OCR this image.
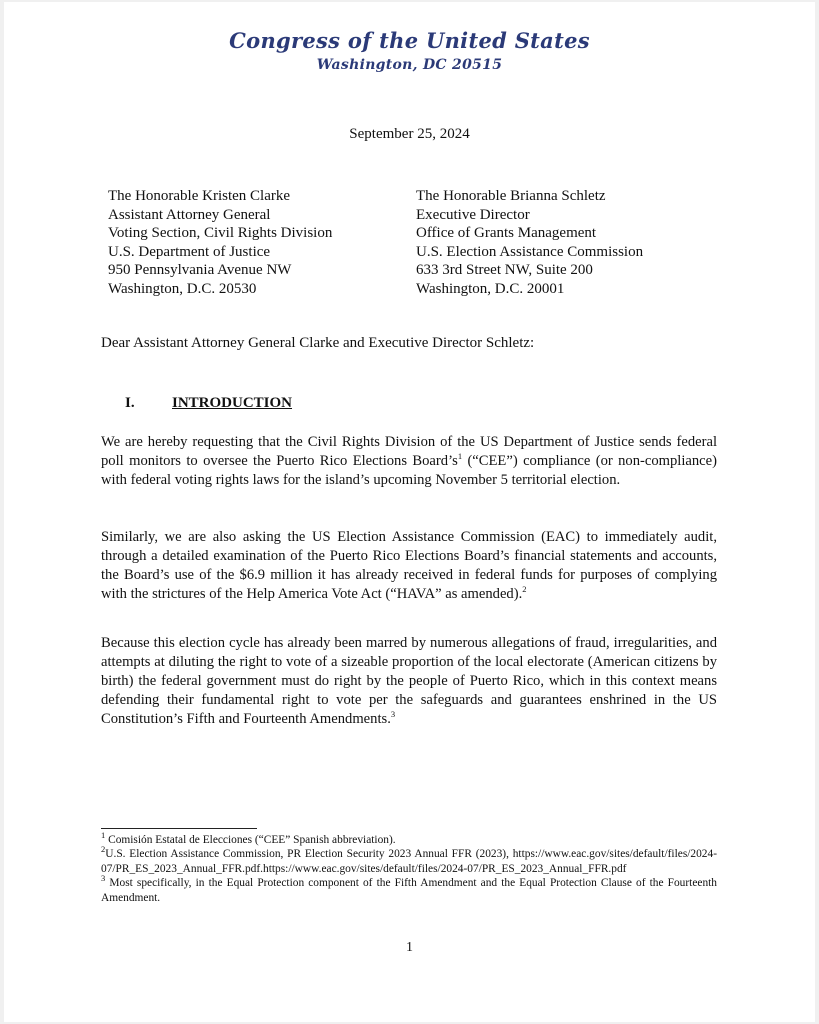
Congress of the United States
Washington, DC 20515
September 25, 2024
The Honorable Kristen Clarke
Assistant Attorney General
Voting Section, Civil Rights Division
U.S. Department of Justice
950 Pennsylvania Avenue NW
Washington, D.C. 20530
The Honorable Brianna Schletz
Executive Director
Office of Grants Management
U.S. Election Assistance Commission
633 3rd Street NW, Suite 200
Washington, D.C. 20001
Dear Assistant Attorney General Clarke and Executive Director Schletz:
I. INTRODUCTION
We are hereby requesting that the Civil Rights Division of the US Department of Justice sends federal poll monitors to oversee the Puerto Rico Elections $Board’s^1$ (“CEE”) compliance (or non-compliance) with federal voting rights laws for the island’s upcoming November 5 territorial election.
Similarly, we are also asking the US Election Assistance Commission (EAC) to immediately audit, through a detailed examination of the Puerto Rico Elections Board’s financial statements and accounts, the Board’s use of the $6.9 million it has already received in federal funds for purposes of complying with the strictures of the Help America Vote Act (“HAVA” as amended).$^2$
Because this election cycle has already been marred by numerous allegations of fraud, irregularities, and attempts at diluting the right to vote of a sizeable proportion of the local electorate (American citizens by birth) the federal government must do right by the people of Puerto Rico, which in this context means defending their fundamental right to vote per the safeguards and guarantees enshrined in the US Constitution’s Fifth and Fourteenth Amendments.$^3$
$^1$ Comisión Estatal de Elecciones (“CEE” Spanish abbreviation).
$^2$U.S. Election Assistance Commission, PR Election Security 2023 Annual FFR (2023), https://www.eac.gov/sites/default/files/2024-07/PR_ES_2023_Annual_FFR.pdf.https://www.eac.gov/sites/default/files/2024-07/PR_ES_2023_Annual_FFR.pdf
$^3$ Most specifically, in the Equal Protection component of the Fifth Amendment and the Equal Protection Clause of the Fourteenth Amendment.
1
